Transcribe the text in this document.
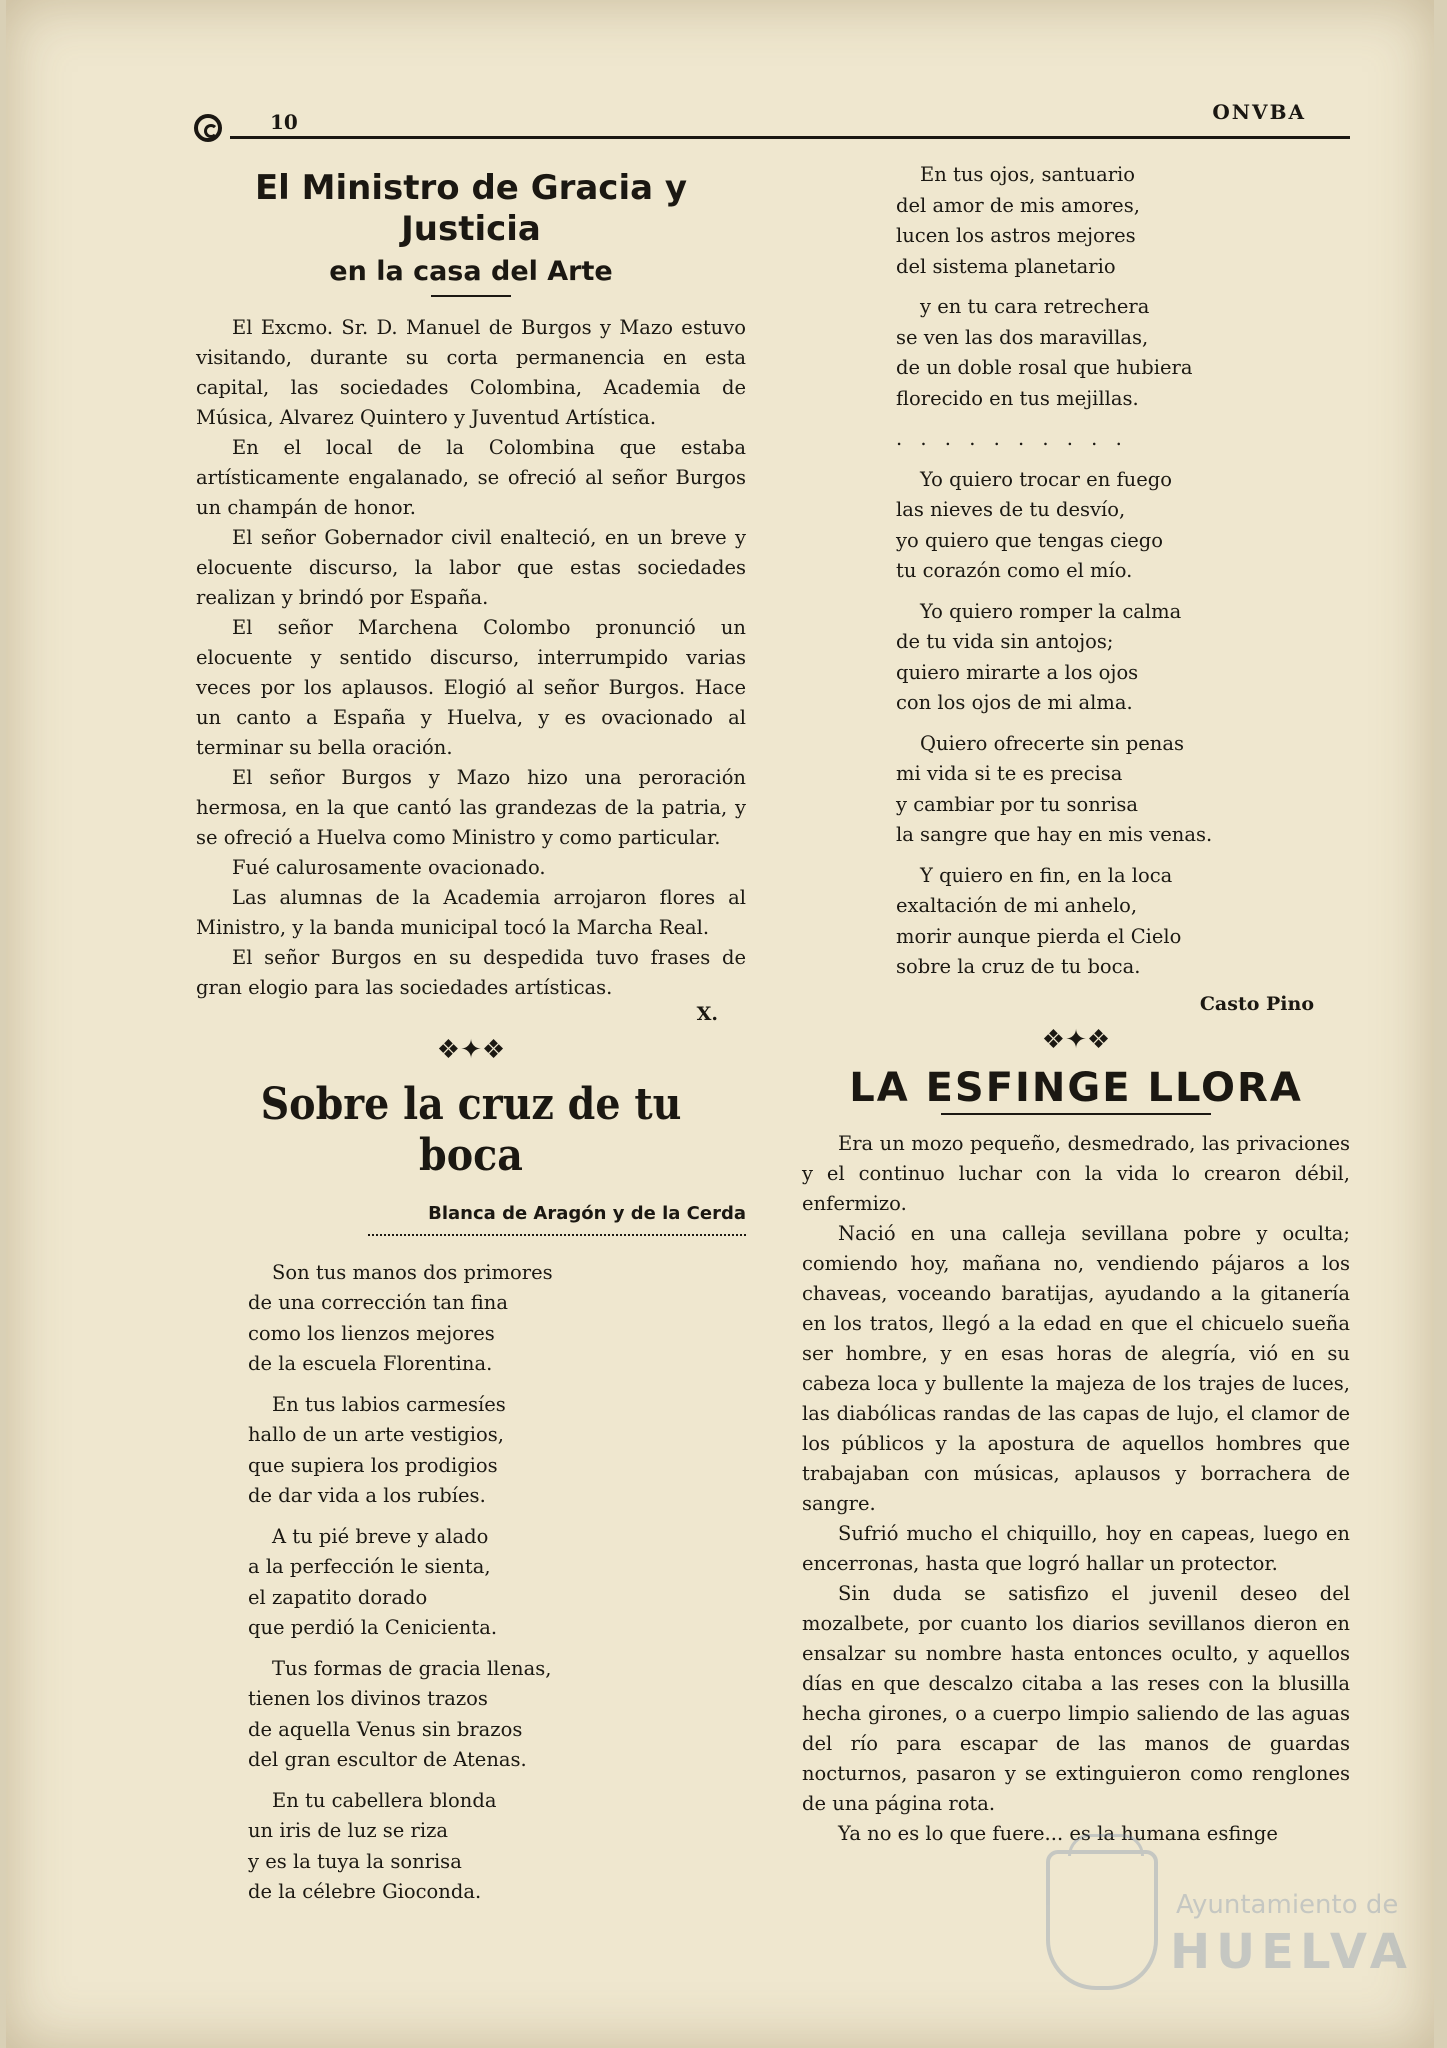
10	ONVBA
El Ministro de Gracia y Justicia
en la casa del Arte

El Excmo. Sr. D. Manuel de Burgos y Mazo estuvo visitando, durante su corta permanencia en esta capital, las sociedades Colombina, Academia de Música, Alvarez Quintero y Juventud Artística.

En el local de la Colombina que estaba artísticamente engalanado, se ofreció al señor Burgos un champán de honor.

El señor Gobernador civil enalteció, en un breve y elocuente discurso, la labor que estas sociedades realizan y brindó por España.

El señor Marchena Colombo pronunció un elocuente y sentido discurso, interrumpido varias veces por los aplausos. Elogió al señor Burgos. Hace un canto a España y Huelva, y es ovacionado al terminar su bella oración.

El señor Burgos y Mazo hizo una peroración hermosa, en la que cantó las grandezas de la patria, y se ofreció a Huelva como Ministro y como particular.

Fué calurosamente ovacionado.

Las alumnas de la Academia arrojaron flores al Ministro, y la banda municipal tocó la Marcha Real.

El señor Burgos en su despedida tuvo frases de gran elogio para las sociedades artísticas.

X.

❖✦❖
Sobre la cruz de tu boca

Blanca de Aragón y de la Cerda

Son tus manos dos primores
de una corrección tan fina
como los lienzos mejores
de la escuela Florentina.
En tus labios carmesíes
hallo de un arte vestigios,
que supiera los prodigios
de dar vida a los rubíes.
A tu pié breve y alado
a la perfección le sienta,
el zapatito dorado
que perdió la Cenicienta.
Tus formas de gracia llenas,
tienen los divinos trazos
de aquella Venus sin brazos
del gran escultor de Atenas.
En tu cabellera blonda
un iris de luz se riza
y es la tuya la sonrisa
de la célebre Gioconda.
En tus ojos, santuario
del amor de mis amores,
lucen los astros mejores
del sistema planetario
y en tu cara retrechera
se ven las dos maravillas,
de un doble rosal que hubiera
florecido en tus mejillas.
. . . . . . . . . .
Yo quiero trocar en fuego
las nieves de tu desvío,
yo quiero que tengas ciego
tu corazón como el mío.
Yo quiero romper la calma
de tu vida sin antojos;
quiero mirarte a los ojos
con los ojos de mi alma.
Quiero ofrecerte sin penas
mi vida si te es precisa
y cambiar por tu sonrisa
la sangre que hay en mis venas.
Y quiero en fin, en la loca
exaltación de mi anhelo,
morir aunque pierda el Cielo
sobre la cruz de tu boca.

Casto Pino

❖✦❖
LA ESFINGE LLORA

Era un mozo pequeño, desmedrado, las privaciones y el continuo luchar con la vida lo crearon débil, enfermizo.

Nació en una calleja sevillana pobre y oculta; comiendo hoy, mañana no, vendiendo pájaros a los chaveas, voceando baratijas, ayudando a la gitanería en los tratos, llegó a la edad en que el chicuelo sueña ser hombre, y en esas horas de alegría, vió en su cabeza loca y bullente la majeza de los trajes de luces, las diabólicas randas de las capas de lujo, el clamor de los públicos y la apostura de aquellos hombres que trabajaban con músicas, aplausos y borrachera de sangre.

Sufrió mucho el chiquillo, hoy en capeas, luego en encerronas, hasta que logró hallar un protector.

Sin duda se satisfizo el juvenil deseo del mozalbete, por cuanto los diarios sevillanos dieron en ensalzar su nombre hasta entonces oculto, y aquellos días en que descalzo citaba a las reses con la blusilla hecha girones, o a cuerpo limpio saliendo de las aguas del río para escapar de las manos de guardas nocturnos, pasaron y se extinguieron como renglones de una página rota.

Ya no es lo que fuere... es la humana esfinge

Ayuntamiento de
HUELVA
